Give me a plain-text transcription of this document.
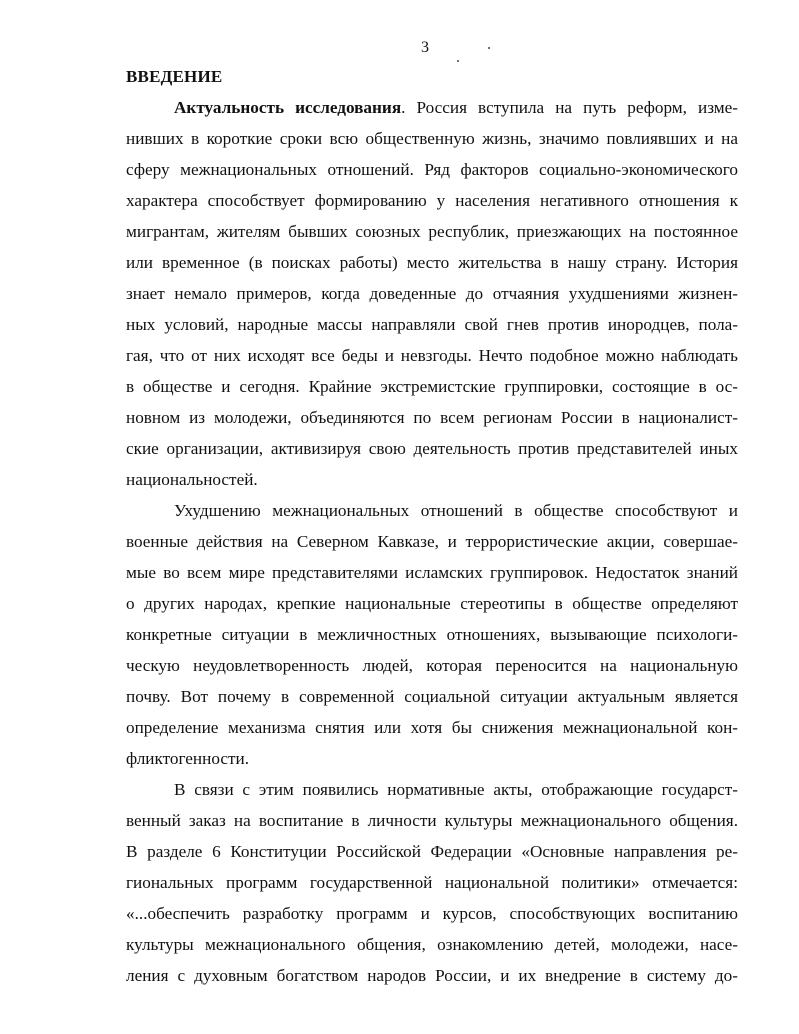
3
ВВЕДЕНИЕ
Актуальность исследования. Россия вступила на путь реформ, изме-
нивших в короткие сроки всю общественную жизнь, значимо повлиявших и на
сферу межнациональных отношений. Ряд факторов социально-экономического
характера способствует формированию у населения негативного отношения к
мигрантам, жителям бывших союзных республик, приезжающих на постоянное
или временное (в поисках работы) место жительства в нашу страну. История
знает немало примеров, когда доведенные до отчаяния ухудшениями жизнен-
ных условий, народные массы направляли свой гнев против инородцев, пола-
гая, что от них исходят все беды и невзгоды. Нечто подобное можно наблюдать
в обществе и сегодня. Крайние экстремистские группировки, состоящие в ос-
новном из молодежи, объединяются по всем регионам России в националист-
ские организации, активизируя свою деятельность против представителей иных
национальностей.
Ухудшению межнациональных отношений в обществе способствуют и
военные действия на Северном Кавказе, и террористические акции, совершае-
мые во всем мире представителями исламских группировок. Недостаток знаний
о других народах, крепкие национальные стереотипы в обществе определяют
конкретные ситуации в межличностных отношениях, вызывающие психологи-
ческую неудовлетворенность людей, которая переносится на национальную
почву. Вот почему в современной социальной ситуации актуальным является
определение механизма снятия или хотя бы снижения межнациональной кон-
фликтогенности.
В связи с этим появились нормативные акты, отображающие государст-
венный заказ на воспитание в личности культуры межнационального общения.
В разделе 6 Конституции Российской Федерации «Основные направления ре-
гиональных программ государственной национальной политики» отмечается:
«...обеспечить разработку программ и курсов, способствующих воспитанию
культуры межнационального общения, ознакомлению детей, молодежи, насе-
ления с духовным богатством народов России, и их внедрение в систему до-
